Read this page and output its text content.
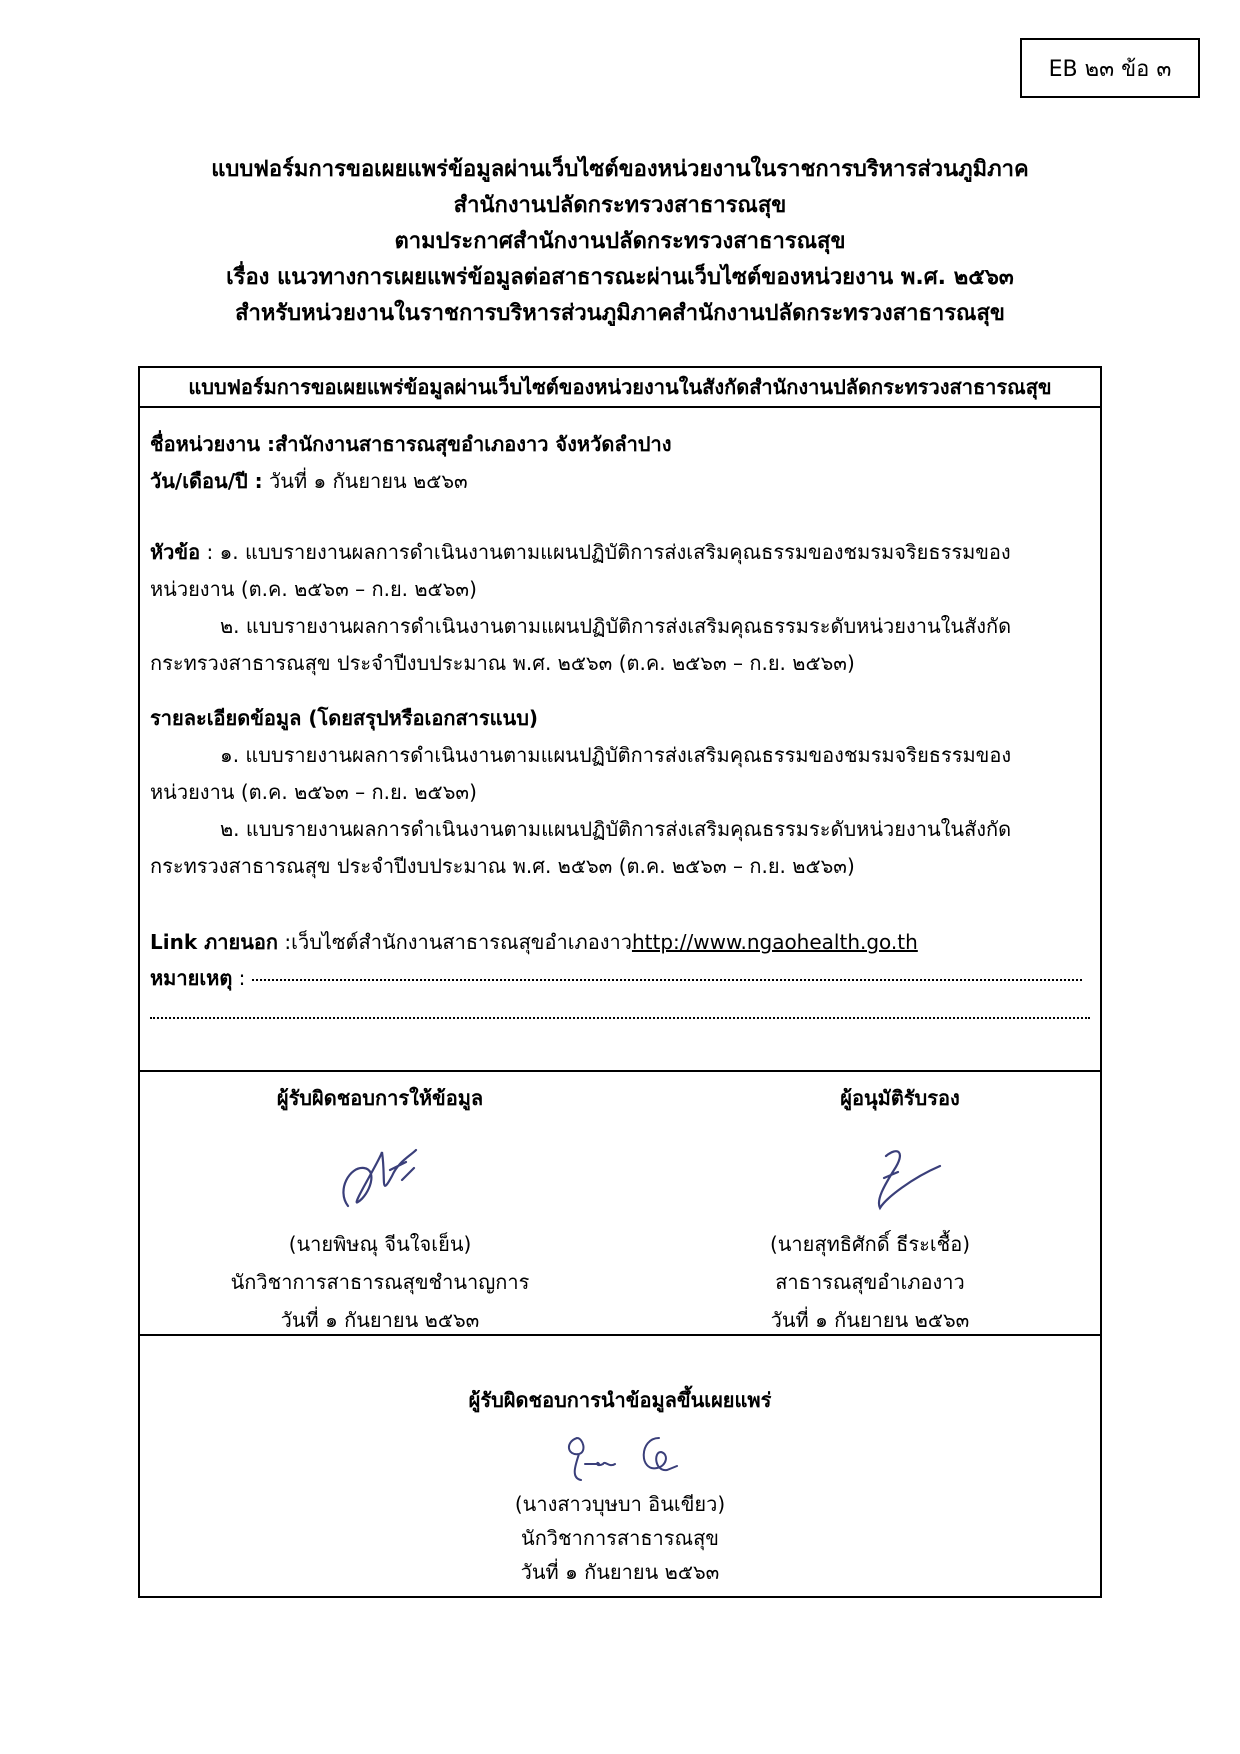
EB ๒๓ ข้อ ๓
แบบฟอร์มการขอเผยแพร่ข้อมูลผ่านเว็บไซต์ของหน่วยงานในราชการบริหารส่วนภูมิภาค
สำนักงานปลัดกระทรวงสาธารณสุข
ตามประกาศสำนักงานปลัดกระทรวงสาธารณสุข
เรื่อง แนวทางการเผยแพร่ข้อมูลต่อสาธารณะผ่านเว็บไซต์ของหน่วยงาน พ.ศ. ๒๕๖๓
สำหรับหน่วยงานในราชการบริหารส่วนภูมิภาคสำนักงานปลัดกระทรวงสาธารณสุข
แบบฟอร์มการขอเผยแพร่ข้อมูลผ่านเว็บไซต์ของหน่วยงานในสังกัดสำนักงานปลัดกระทรวงสาธารณสุข
ชื่อหน่วยงาน :สำนักงานสาธารณสุขอำเภองาว จังหวัดลำปาง
วัน/เดือน/ปี : วันที่ ๑ กันยายน ๒๕๖๓
หัวข้อ : ๑. แบบรายงานผลการดำเนินงานตามแผนปฏิบัติการส่งเสริมคุณธรรมของชมรมจริยธรรมของ
หน่วยงาน (ต.ค. ๒๕๖๓ – ก.ย. ๒๕๖๓)
๒. แบบรายงานผลการดำเนินงานตามแผนปฏิบัติการส่งเสริมคุณธรรมระดับหน่วยงานในสังกัด
กระทรวงสาธารณสุข ประจำปีงบประมาณ พ.ศ. ๒๕๖๓ (ต.ค. ๒๕๖๓ – ก.ย. ๒๕๖๓)
รายละเอียดข้อมูล (โดยสรุปหรือเอกสารแนบ)
๑. แบบรายงานผลการดำเนินงานตามแผนปฏิบัติการส่งเสริมคุณธรรมของชมรมจริยธรรมของ
หน่วยงาน (ต.ค. ๒๕๖๓ – ก.ย. ๒๕๖๓)
๒. แบบรายงานผลการดำเนินงานตามแผนปฏิบัติการส่งเสริมคุณธรรมระดับหน่วยงานในสังกัด
กระทรวงสาธารณสุข ประจำปีงบประมาณ พ.ศ. ๒๕๖๓ (ต.ค. ๒๕๖๓ – ก.ย. ๒๕๖๓)
Link ภายนอก :เว็บไซต์สำนักงานสาธารณสุขอำเภองาวhttp://www.ngaohealth.go.th
หมายเหตุ :
ผู้รับผิดชอบการให้ข้อมูล	ผู้อนุมัติรับรอง
(นายพิษณุ จีนใจเย็น)
นักวิชาการสาธารณสุขชำนาญการ
วันที่ ๑ กันยายน ๒๕๖๓
(นายสุทธิศักดิ์ ธีระเชื้อ)
สาธารณสุขอำเภองาว
วันที่ ๑ กันยายน ๒๕๖๓
ผู้รับผิดชอบการนำข้อมูลขึ้นเผยแพร่
(นางสาวบุษบา อินเขียว)
นักวิชาการสาธารณสุข
วันที่ ๑ กันยายน ๒๕๖๓
